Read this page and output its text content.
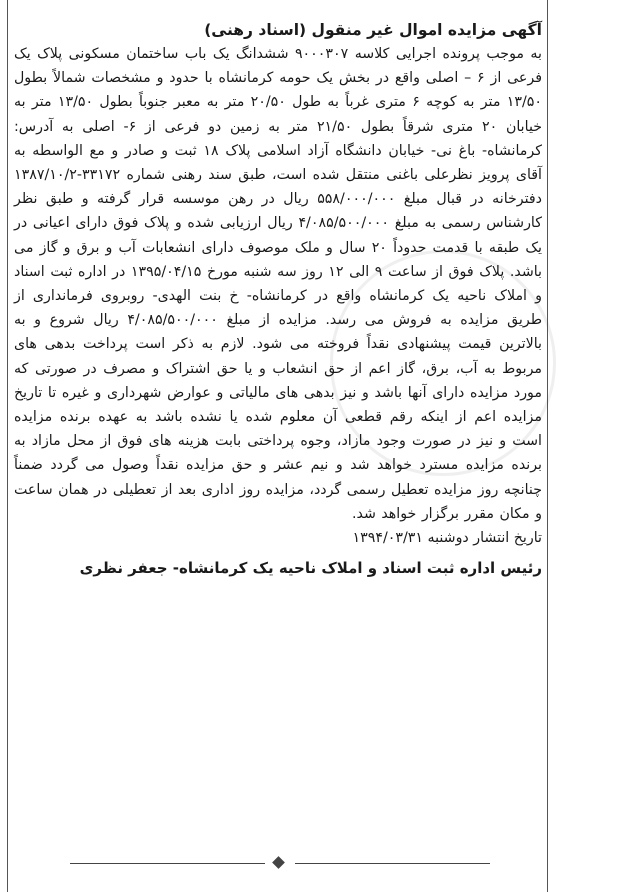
آگهی مزایده اموال غیر منقول (اسناد رهنی)

به موجب پرونده اجرایی کلاسه ۹۰۰۰۳۰۷ ششدانگ یک باب ساختمان مسکونی پلاک یک فرعی از ۶ – اصلی واقع در بخش یک حومه کرمانشاه با حدود و مشخصات شمالاً بطول ۱۳/۵۰ متر به کوچه ۶ متری غرباً به طول ۲۰/۵۰ متر به معبر جنوباً بطول ۱۳/۵۰ متر به خیابان ۲۰ متری شرقاً بطول ۲۱/۵۰ متر به زمین دو فرعی از ۶- اصلی به آدرس: کرمانشاه- باغ نی- خیابان دانشگاه آزاد اسلامی پلاک ۱۸ ثبت و صادر و مع الواسطه به آقای پرویز نظرعلی باغنی منتقل شده است، طبق سند رهنی شماره ۳۳۱۷۲-۱۳۸۷/۱۰/۲ دفترخانه در قبال مبلغ ۵۵۸/۰۰۰/۰۰۰ ریال در رهن موسسه قرار گرفته و طبق نظر کارشناس رسمی به مبلغ ۴/۰۸۵/۵۰۰/۰۰۰ ریال ارزیابی شده و پلاک فوق دارای اعیانی در یک طبقه با قدمت حدوداً ۲۰ سال و ملک موصوف دارای انشعابات آب و برق و گاز می باشد. پلاک فوق از ساعت ۹ الی ۱۲ روز سه شنبه مورخ ۱۳۹۵/۰۴/۱۵ در اداره ثبت اسناد و املاک ناحیه یک کرمانشاه واقع در کرمانشاه- خ بنت الهدی- روبروی فرمانداری از طریق مزایده به فروش می رسد. مزایده از مبلغ ۴/۰۸۵/۵۰۰/۰۰۰ ریال شروع و به بالاترین قیمت پیشنهادی نقداً فروخته می شود. لازم به ذکر است پرداخت بدهی های مربوط به آب، برق، گاز اعم از حق انشعاب و یا حق اشتراک و مصرف در صورتی که مورد مزایده دارای آنها باشد و نیز بدهی های مالیاتی و عوارض شهرداری و غیره تا تاریخ مزایده اعم از اینکه رقم قطعی آن معلوم شده یا نشده باشد به عهده برنده مزایده است و نیز در صورت وجود مازاد، وجوه پرداختی بابت هزینه های فوق از محل مازاد به برنده مزایده مسترد خواهد شد و نیم عشر و حق مزایده نقداً وصول می گردد ضمناً چنانچه روز مزایده تعطیل رسمی گردد، مزایده روز اداری بعد از تعطیلی در همان ساعت و مکان مقرر برگزار خواهد شد.

تاریخ انتشار دوشنبه ۱۳۹۴/۰۳/۳۱

رئیس اداره ثبت اسناد و املاک ناحیه یک کرمانشاه- جعفر نظری
